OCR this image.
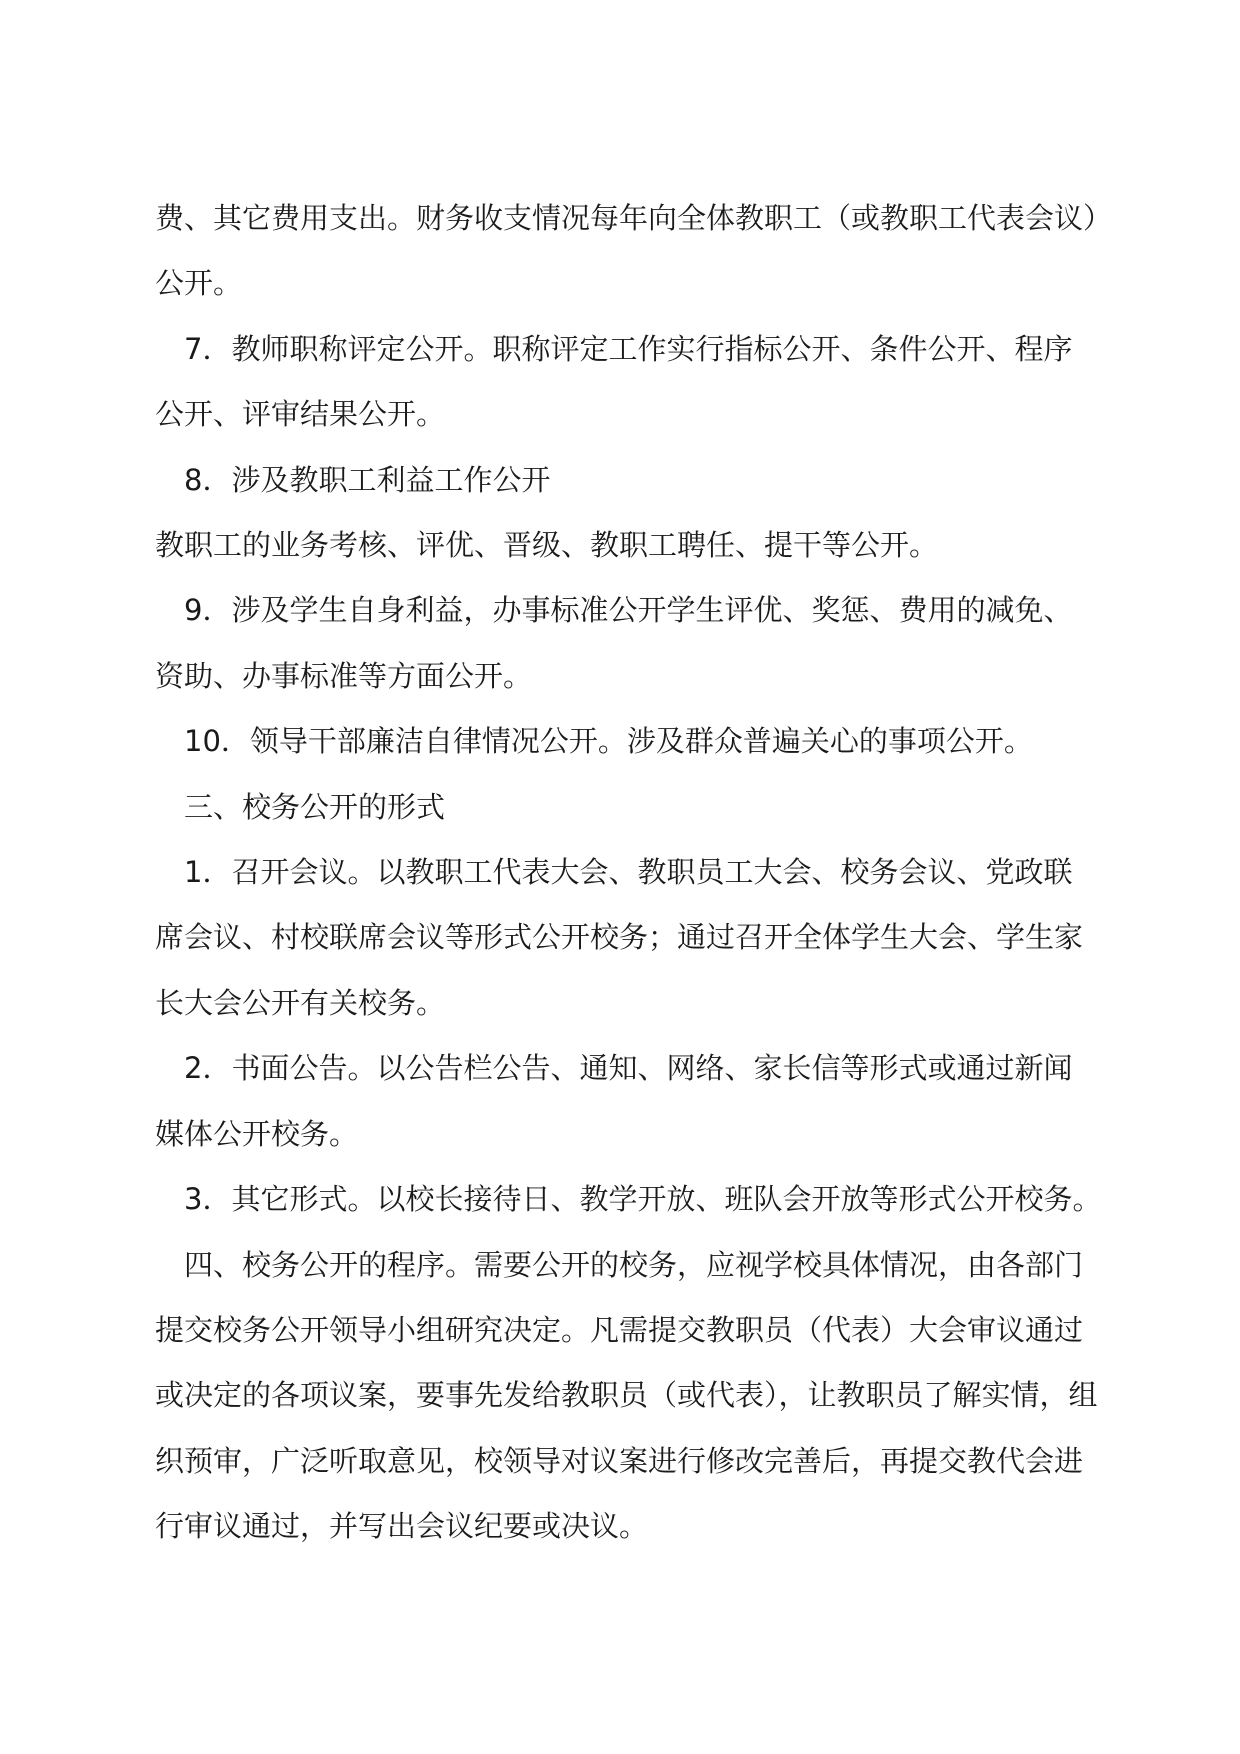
费、其它费用支出。财务收支情况每年向全体教职工（或教职工代表会议）公开。

7．教师职称评定公开。职称评定工作实行指标公开、条件公开、程序公开、评审结果公开。

8．涉及教职工利益工作公开

教职工的业务考核、评优、晋级、教职工聘任、提干等公开。

9．涉及学生自身利益，办事标准公开学生评优、奖惩、费用的减免、资助、办事标准等方面公开。

10．领导干部廉洁自律情况公开。涉及群众普遍关心的事项公开。

三、校务公开的形式

1．召开会议。以教职工代表大会、教职员工大会、校务会议、党政联席会议、村校联席会议等形式公开校务；通过召开全体学生大会、学生家长大会公开有关校务。

2．书面公告。以公告栏公告、通知、网络、家长信等形式或通过新闻媒体公开校务。

3．其它形式。以校长接待日、教学开放、班队会开放等形式公开校务。

四、校务公开的程序。需要公开的校务，应视学校具体情况，由各部门提交校务公开领导小组研究决定。凡需提交教职员（代表）大会审议通过或决定的各项议案，要事先发给教职员（或代表），让教职员了解实情，组织预审，广泛听取意见，校领导对议案进行修改完善后，再提交教代会进行审议通过，并写出会议纪要或决议。
